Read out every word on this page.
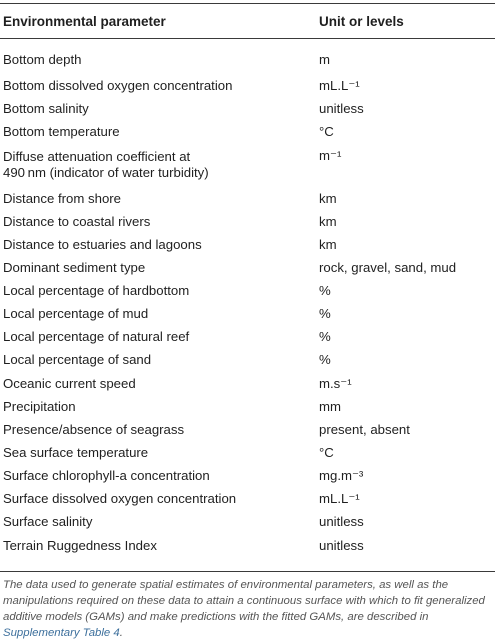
Environmental parameter	Unit or levels
Bottom depth	m
Bottom dissolved oxygen concentration	mL.L⁻¹
Bottom salinity	unitless
Bottom temperature	°C

Diffuse attenuation coefficient at
490 nm (indicator of water turbidity)	m⁻¹
Distance from shore	km
Distance to coastal rivers	km
Distance to estuaries and lagoons	km
Dominant sediment type	rock, gravel, sand, mud
Local percentage of hardbottom	%
Local percentage of mud	%
Local percentage of natural reef	%
Local percentage of sand	%
Oceanic current speed	m.s⁻¹
Precipitation	mm
Presence/absence of seagrass	present, absent
Sea surface temperature	°C
Surface chlorophyll-a concentration	mg.m⁻³
Surface dissolved oxygen concentration	mL.L⁻¹
Surface salinity	unitless
Terrain Ruggedness Index	unitless

The data used to generate spatial estimates of environmental parameters, as well as the manipulations required on these data to attain a continuous surface with which to fit generalized additive models (GAMs) and make predictions with the fitted GAMs, are described in Supplementary Table 4.
